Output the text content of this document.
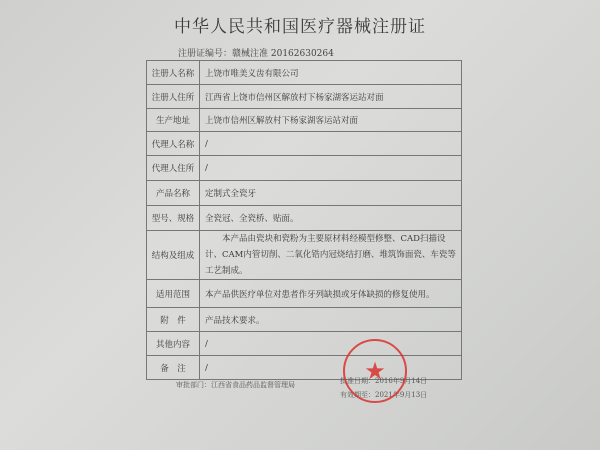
中华人民共和国医疗器械注册证
注册证编号：赣械注准 20162630264
注册人名称	上饶市唯美义齿有限公司
注册人住所	江西省上饶市信州区解放村下杨家湖客运站对面
生产地址	上饶市信州区解放村下杨家湖客运站对面
代理人名称	/
代理人住所	/
产品名称	定制式全瓷牙
型号、规格	全瓷冠、全瓷桥、贴面。
结构及组成	　　本产品由瓷块和瓷粉为主要原材料经模型修整、CAD扫描设计、CAM内管切削、二氧化锆内冠烧结打磨、堆筑饰面瓷、车瓷等工艺制成。
适用范围	本产品供医疗单位对患者作牙列缺损或牙体缺损的修复使用。
附　件	产品技术要求。
其他内容	/
备　注	/
审批部门：江西省食品药品监督管理局	批准日期：2016年9月14日
有效期至：2021年9月13日
★
